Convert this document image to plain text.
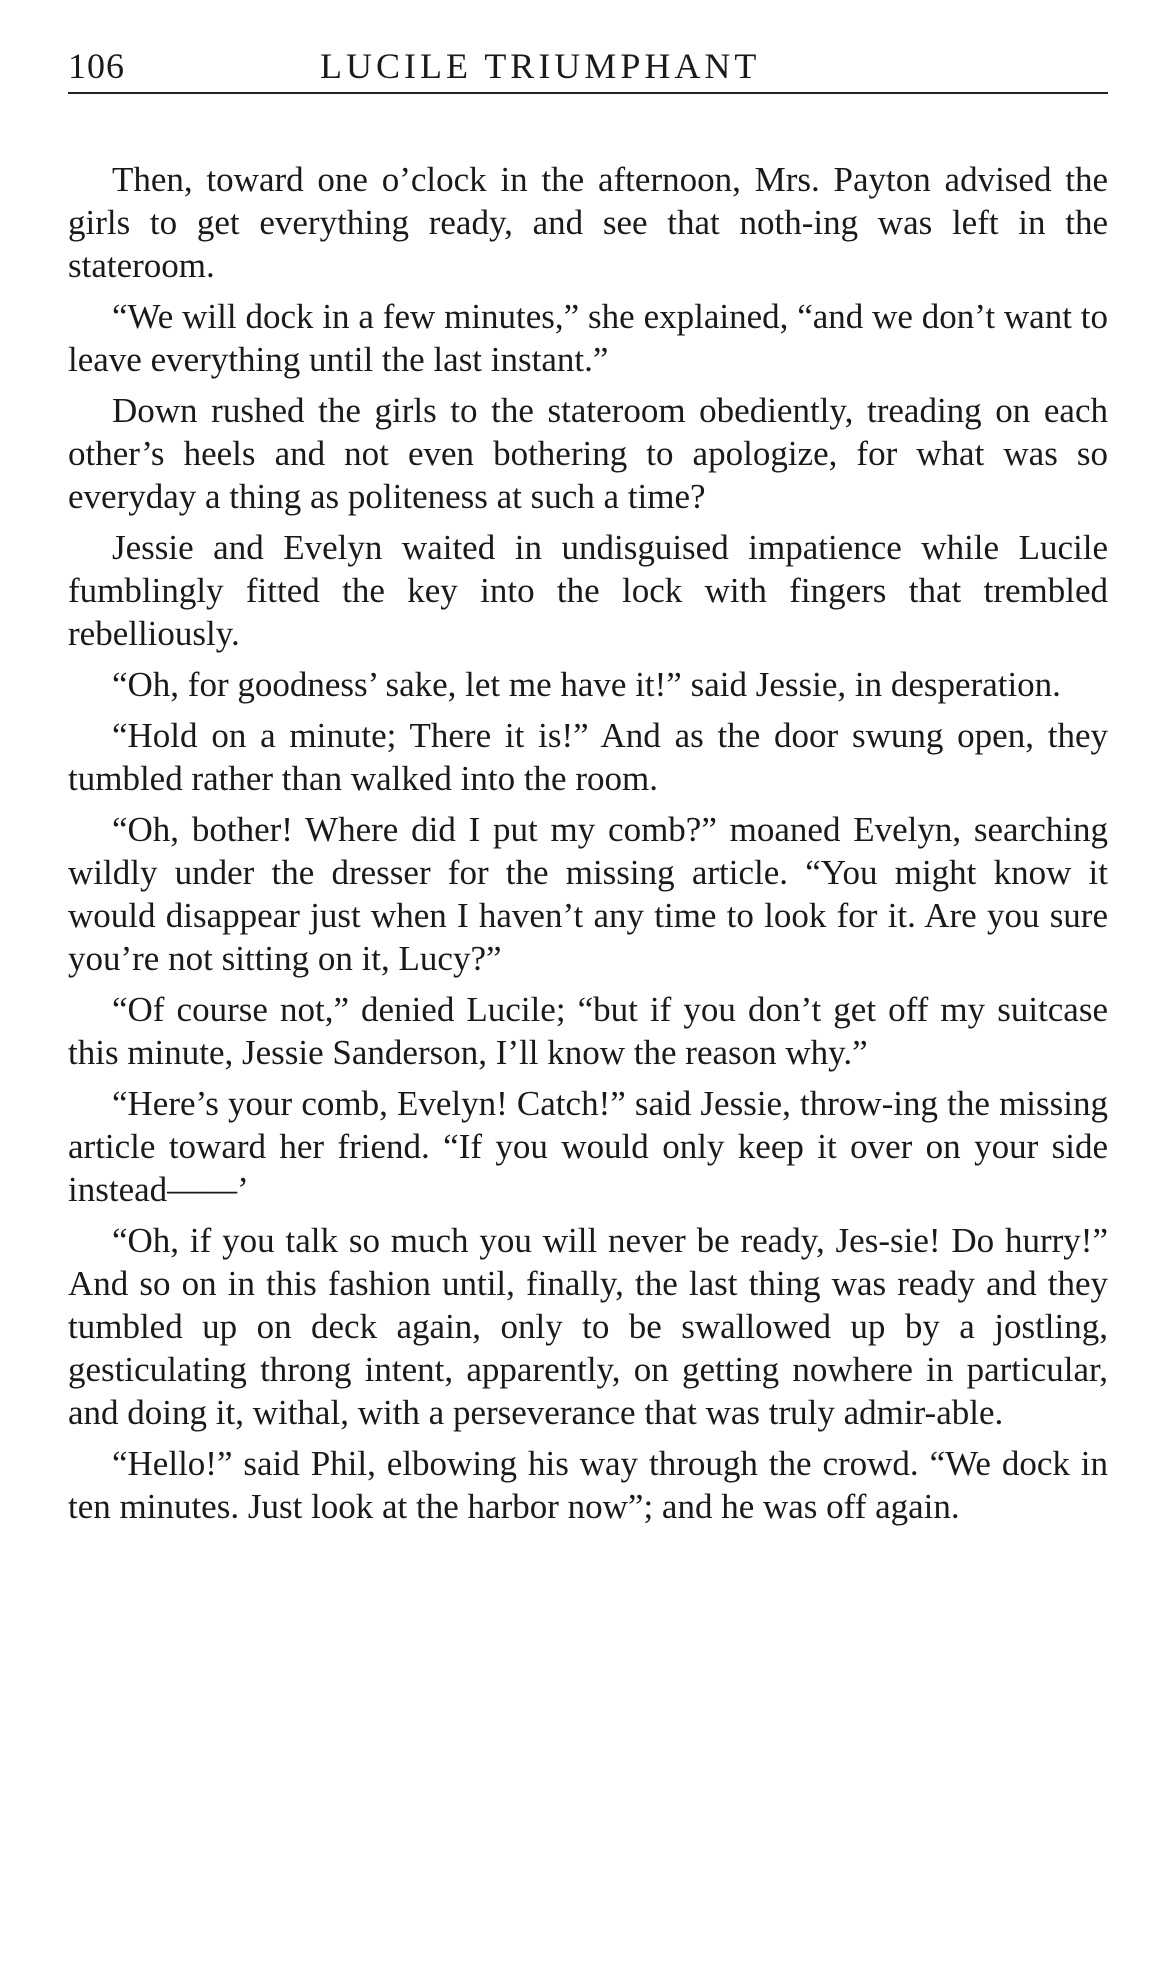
106	LUCILE TRIUMPHANT

Then, toward one o’clock in the afternoon, Mrs. Payton advised the girls to get everything ready, and see that noth-ing was left in the stateroom.

“We will dock in a few minutes,” she explained, “and we don’t want to leave everything until the last instant.”

Down rushed the girls to the stateroom obediently, treading on each other’s heels and not even bothering to apologize, for what was so everyday a thing as politeness at such a time?

Jessie and Evelyn waited in undisguised impatience while Lucile fumblingly fitted the key into the lock with fingers that trembled rebelliously.

“Oh, for goodness’ sake, let me have it!” said Jessie, in desperation.

“Hold on a minute; There it is!” And as the door swung open, they tumbled rather than walked into the room.

“Oh, bother! Where did I put my comb?” moaned Evelyn, searching wildly under the dresser for the missing article. “You might know it would disappear just when I haven’t any time to look for it. Are you sure you’re not sitting on it, Lucy?”

“Of course not,” denied Lucile; “but if you don’t get off my suitcase this minute, Jessie Sanderson, I’ll know the reason why.”

“Here’s your comb, Evelyn! Catch!” said Jessie, throw-ing the missing article toward her friend. “If you would only keep it over on your side instead——’

“Oh, if you talk so much you will never be ready, Jes-sie! Do hurry!” And so on in this fashion until, finally, the last thing was ready and they tumbled up on deck again, only to be swallowed up by a jostling, gesticulating throng intent, apparently, on getting nowhere in particular, and doing it, withal, with a perseverance that was truly admir-able.

“Hello!” said Phil, elbowing his way through the crowd. “We dock in ten minutes. Just look at the harbor now”; and he was off again.
